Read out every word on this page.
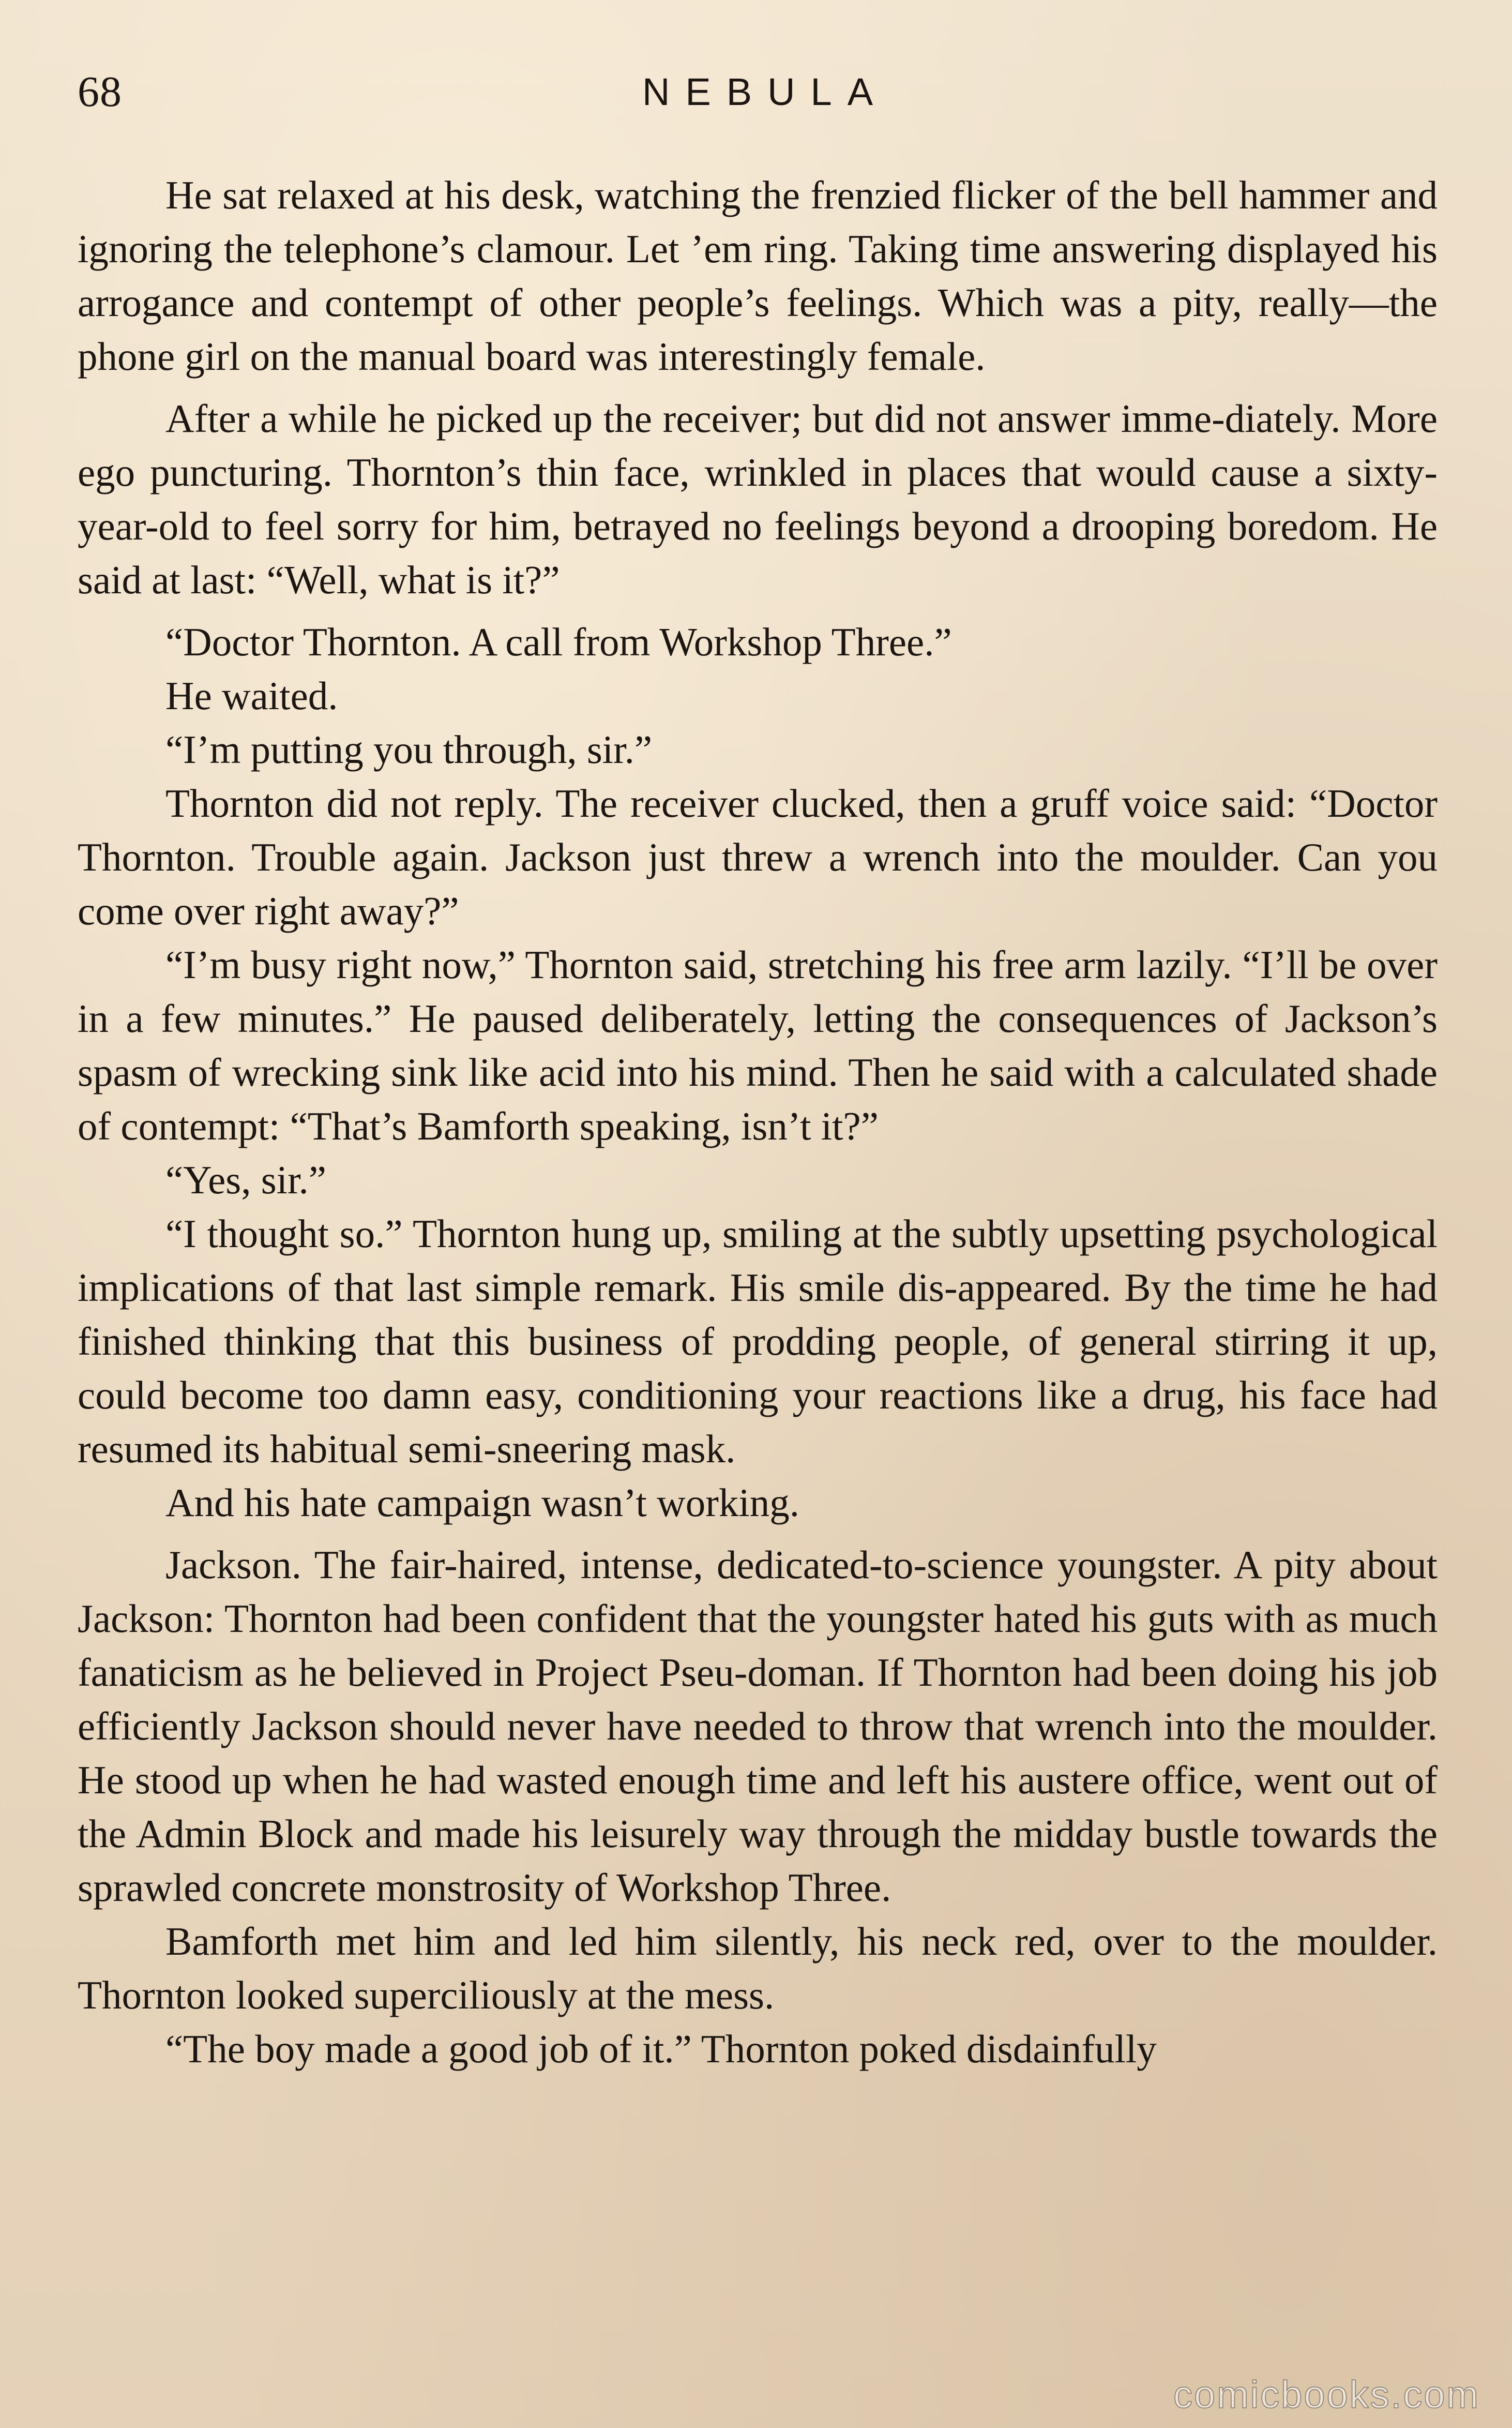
68	NEBULA

He sat relaxed at his desk, watching the frenzied flicker of the bell hammer and ignoring the telephone’s clamour. Let ’em ring. Taking time answering displayed his arrogance and contempt of other people’s feelings. Which was a pity, really—the phone girl on the manual board was interestingly female.

After a while he picked up the receiver; but did not answer imme-diately. More ego puncturing. Thornton’s thin face, wrinkled in places that would cause a sixty-year-old to feel sorry for him, betrayed no feelings beyond a drooping boredom. He said at last: “Well, what is it?”

“Doctor Thornton. A call from Workshop Three.”

He waited.

“I’m putting you through, sir.”

Thornton did not reply. The receiver clucked, then a gruff voice said: “Doctor Thornton. Trouble again. Jackson just threw a wrench into the moulder. Can you come over right away?”

“I’m busy right now,” Thornton said, stretching his free arm lazily. “I’ll be over in a few minutes.” He paused deliberately, letting the consequences of Jackson’s spasm of wrecking sink like acid into his mind. Then he said with a calculated shade of contempt: “That’s Bamforth speaking, isn’t it?”

“Yes, sir.”

“I thought so.” Thornton hung up, smiling at the subtly upsetting psychological implications of that last simple remark. His smile dis-appeared. By the time he had finished thinking that this business of prodding people, of general stirring it up, could become too damn easy, conditioning your reactions like a drug, his face had resumed its habitual semi-sneering mask.

And his hate campaign wasn’t working.

Jackson. The fair-haired, intense, dedicated-to-science youngster. A pity about Jackson: Thornton had been confident that the youngster hated his guts with as much fanaticism as he believed in Project Pseu-doman. If Thornton had been doing his job efficiently Jackson should never have needed to throw that wrench into the moulder. He stood up when he had wasted enough time and left his austere office, went out of the Admin Block and made his leisurely way through the midday bustle towards the sprawled concrete monstrosity of Workshop Three.

Bamforth met him and led him silently, his neck red, over to the moulder. Thornton looked superciliously at the mess.

“The boy made a good job of it.” Thornton poked disdainfully

comicbooks.com
